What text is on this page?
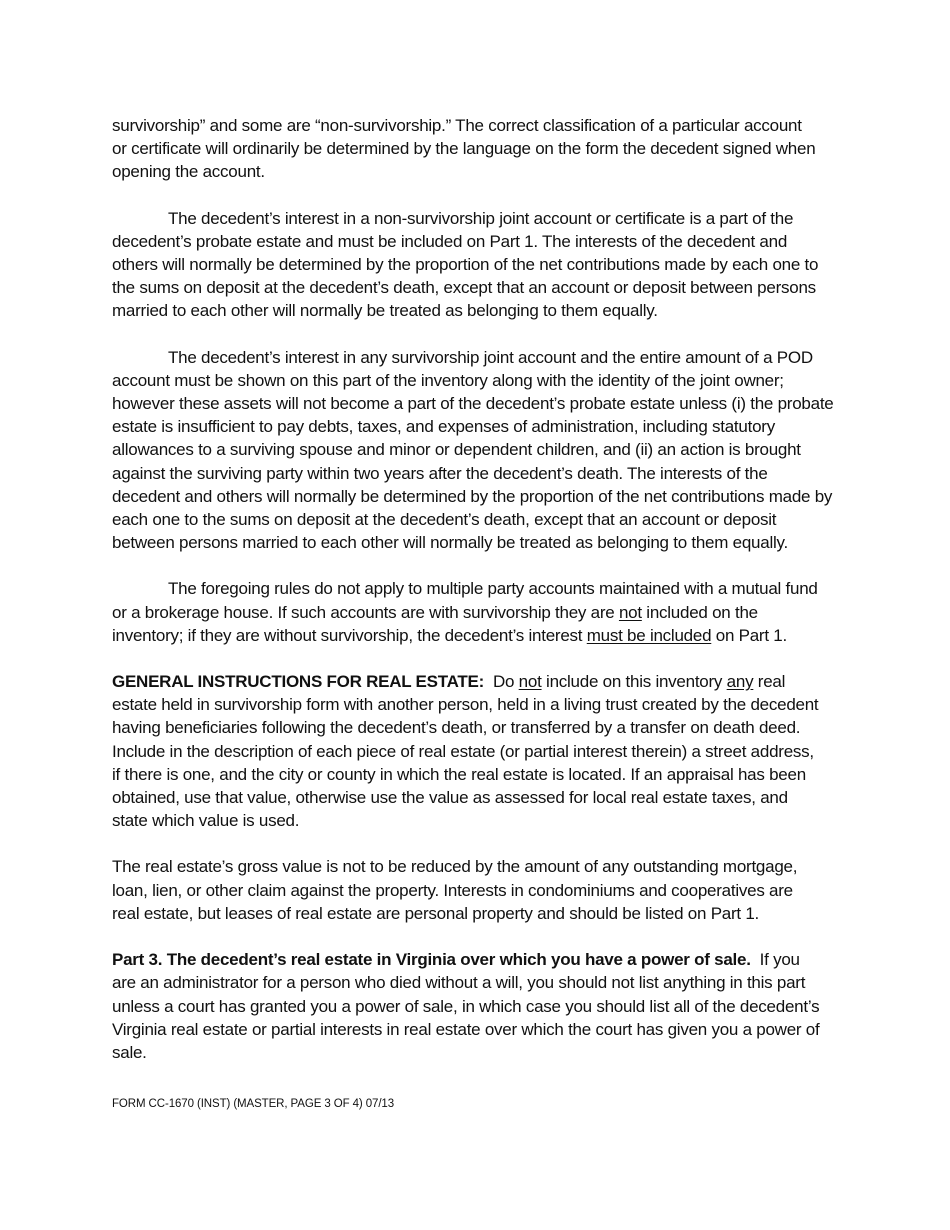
survivorship” and some are “non-survivorship.” The correct classification of a particular account
or certificate will ordinarily be determined by the language on the form the decedent signed when
opening the account.

The decedent’s interest in a non-survivorship joint account or certificate is a part of the
decedent’s probate estate and must be included on Part 1. The interests of the decedent and
others will normally be determined by the proportion of the net contributions made by each one to
the sums on deposit at the decedent’s death, except that an account or deposit between persons
married to each other will normally be treated as belonging to them equally.

The decedent’s interest in any survivorship joint account and the entire amount of a POD
account must be shown on this part of the inventory along with the identity of the joint owner;
however these assets will not become a part of the decedent’s probate estate unless (i) the probate
estate is insufficient to pay debts, taxes, and expenses of administration, including statutory
allowances to a surviving spouse and minor or dependent children, and (ii) an action is brought
against the surviving party within two years after the decedent’s death. The interests of the
decedent and others will normally be determined by the proportion of the net contributions made by
each one to the sums on deposit at the decedent’s death, except that an account or deposit
between persons married to each other will normally be treated as belonging to them equally.

The foregoing rules do not apply to multiple party accounts maintained with a mutual fund
or a brokerage house. If such accounts are with survivorship they are not included on the
inventory; if they are without survivorship, the decedent’s interest must be included on Part 1.

GENERAL INSTRUCTIONS FOR REAL ESTATE:  Do not include on this inventory any real
estate held in survivorship form with another person, held in a living trust created by the decedent
having beneficiaries following the decedent’s death, or transferred by a transfer on death deed.
Include in the description of each piece of real estate (or partial interest therein) a street address,
if there is one, and the city or county in which the real estate is located. If an appraisal has been
obtained, use that value, otherwise use the value as assessed for local real estate taxes, and
state which value is used.

The real estate’s gross value is not to be reduced by the amount of any outstanding mortgage,
loan, lien, or other claim against the property. Interests in condominiums and cooperatives are
real estate, but leases of real estate are personal property and should be listed on Part 1.

Part 3. The decedent’s real estate in Virginia over which you have a power of sale.  If you
are an administrator for a person who died without a will, you should not list anything in this part
unless a court has granted you a power of sale, in which case you should list all of the decedent’s
Virginia real estate or partial interests in real estate over which the court has given you a power of
sale.

FORM CC-1670 (INST) (MASTER, PAGE 3 OF 4) 07/13
